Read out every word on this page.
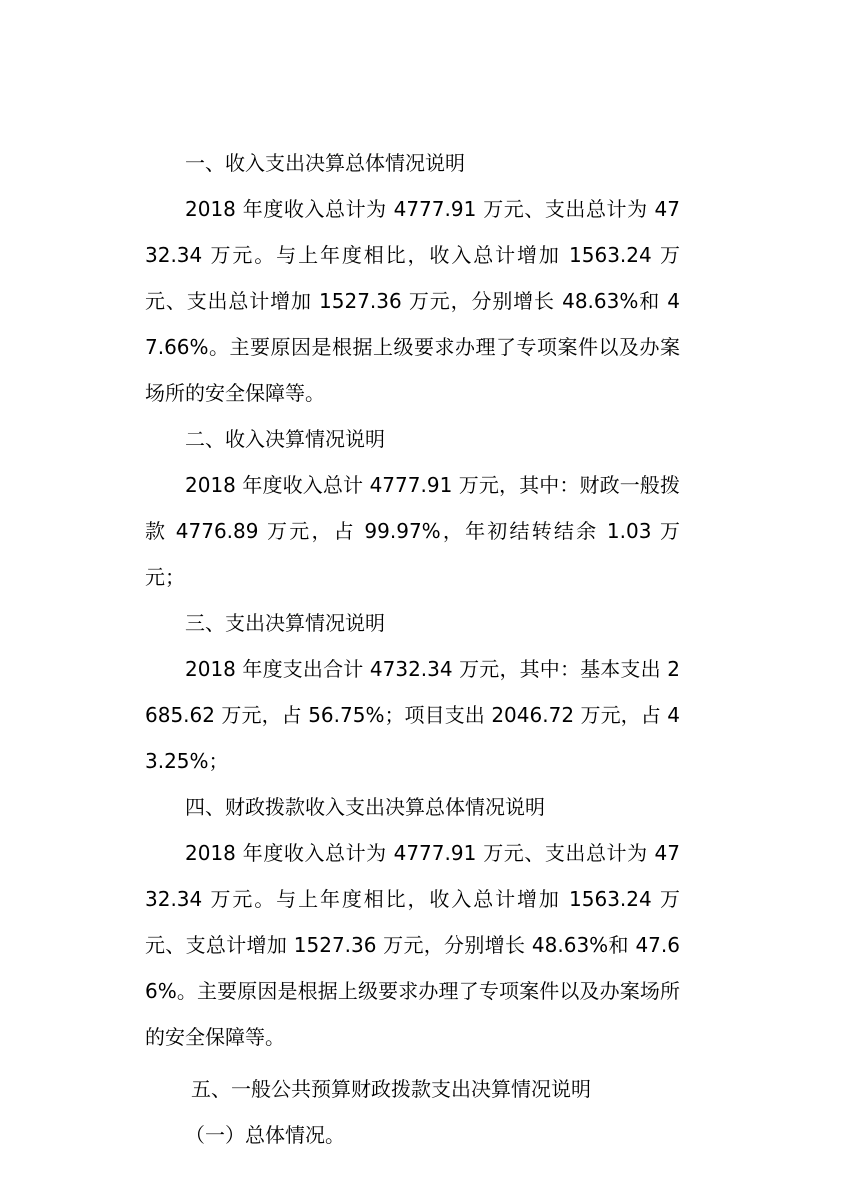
一、收入支出决算总体情况说明

2018 年度收入总计为 4777.91 万元、支出总计为 4732.34 万元。与上年度相比，收入总计增加 1563.24 万元、支出总计增加 1527.36 万元，分别增长 48.63%和 47.66%。主要原因是根据上级要求办理了专项案件以及办案场所的安全保障等。

二、收入决算情况说明

2018 年度收入总计 4777.91 万元，其中：财政一般拨款 4776.89 万元，占 99.97%，年初结转结余 1.03 万元；

三、支出决算情况说明

2018 年度支出合计 4732.34 万元，其中：基本支出 2685.62 万元，占 56.75%；项目支出 2046.72 万元，占 43.25%；

四、财政拨款收入支出决算总体情况说明

2018 年度收入总计为 4777.91 万元、支出总计为 4732.34 万元。与上年度相比，收入总计增加 1563.24 万元、支总计增加 1527.36 万元，分别增长 48.63%和 47.66%。主要原因是根据上级要求办理了专项案件以及办案场所的安全保障等。

五、一般公共预算财政拨款支出决算情况说明

（一）总体情况。
